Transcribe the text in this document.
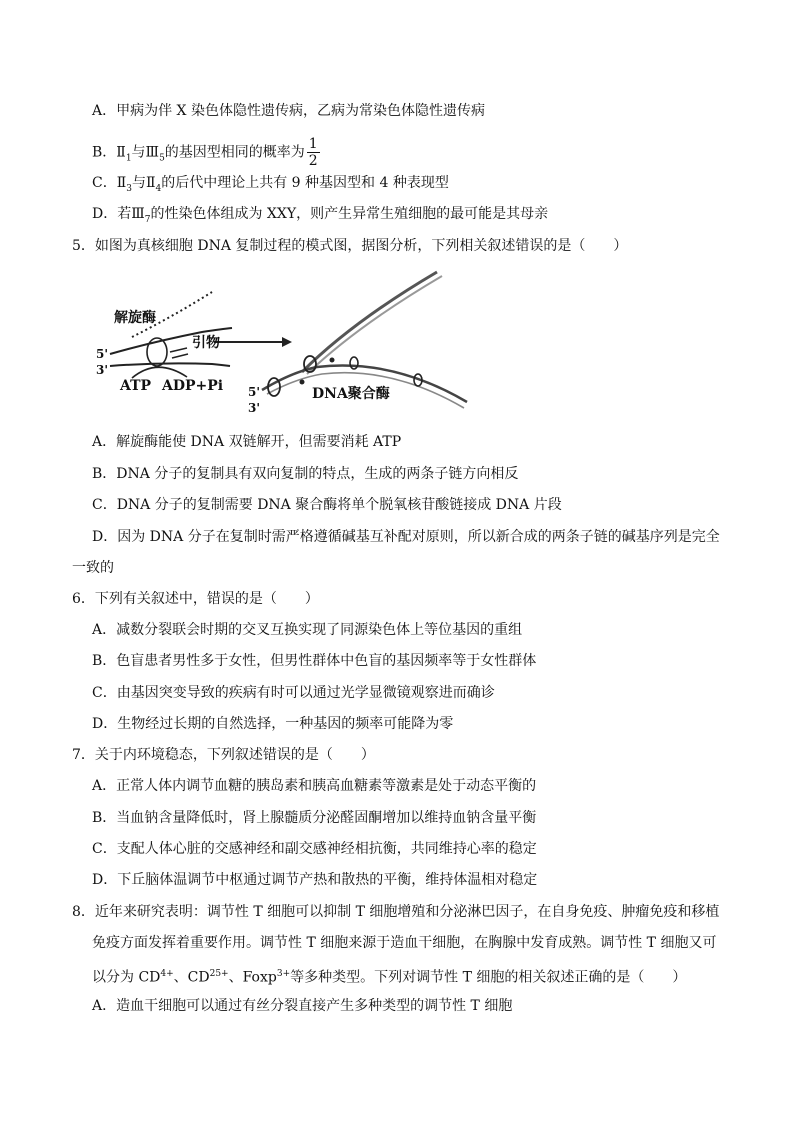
A．甲病为伴 X 染色体隐性遗传病，乙病为常染色体隐性遗传病
B．$Ⅱ_1$与$Ⅲ_5$的基因型相同的概率为 $\frac{1}{2}$
C．$Ⅱ_3$与$Ⅱ_4$的后代中理论上共有 9 种基因型和 4 种表现型
D．若$Ⅲ_7$的性染色体组成为 XXY，则产生异常生殖细胞的最可能是其母亲
5．如图为真核细胞 DNA 复制过程的模式图，据图分析，下列相关叙述错误的是（　　）
解旋酶
引物
5'
3'
ATP ADP+Pi 5'
3'
DNA聚合酶
A．解旋酶能使 DNA 双链解开，但需要消耗 ATP
B．DNA 分子的复制具有双向复制的特点，生成的两条子链方向相反
C．DNA 分子的复制需要 DNA 聚合酶将单个脱氧核苷酸链接成 DNA 片段
D．因为 DNA 分子在复制时需严格遵循碱基互补配对原则，所以新合成的两条子链的碱基序列是完全
一致的
6．下列有关叙述中，错误的是（　　）
A．减数分裂联会时期的交叉互换实现了同源染色体上等位基因的重组
B．色盲患者男性多于女性，但男性群体中色盲的基因频率等于女性群体
C．由基因突变导致的疾病有时可以通过光学显微镜观察进而确诊
D．生物经过长期的自然选择，一种基因的频率可能降为零
7．关于内环境稳态，下列叙述错误的是（　　）
A．正常人体内调节血糖的胰岛素和胰高血糖素等激素是处于动态平衡的
B．当血钠含量降低时，肾上腺髓质分泌醛固酮增加以维持血钠含量平衡
C．支配人体心脏的交感神经和副交感神经相抗衡，共同维持心率的稳定
D．下丘脑体温调节中枢通过调节产热和散热的平衡，维持体温相对稳定
8．近年来研究表明：调节性 T 细胞可以抑制 T 细胞增殖和分泌淋巴因子，在自身免疫、肿瘤免疫和移植
免疫方面发挥着重要作用。调节性 T 细胞来源于造血干细胞，在胸腺中发育成熟。调节性 T 细胞又可
以分为 $CD^{4+}$、$CD^{25+}$、Foxp$^{3+}$等多种类型。下列对调节性 T 细胞的相关叙述正确的是（　　）
A．造血干细胞可以通过有丝分裂直接产生多种类型的调节性 T 细胞
